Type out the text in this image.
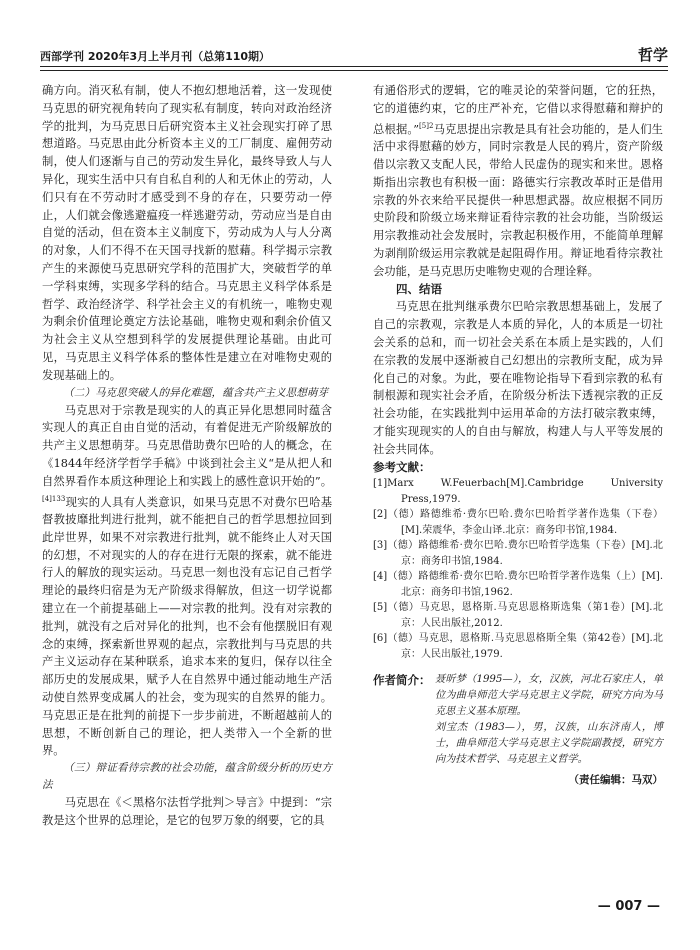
西部学刊 2020年3月上半月刊（总第110期）	哲学

确方向。消灭私有制，使人不抱幻想地活着，这一发现使马克思的研究视角转向了现实私有制度，转向对政治经济学的批判，为马克思日后研究资本主义社会现实打碎了思想道路。马克思由此分析资本主义的工厂制度、雇佣劳动制，使人们逐渐与自己的劳动发生异化，最终导致人与人异化，现实生活中只有自私自利的人和无休止的劳动，人们只有在不劳动时才感受到不身的存在，只要劳动一停止，人们就会像逃避瘟疫一样逃避劳动，劳动应当是自由自觉的活动，但在资本主义制度下，劳动成为人与人分离的对象，人们不得不在天国寻找新的慰藉。科学揭示宗教产生的来源使马克思研究学科的范围扩大，突破哲学的单一学科束缚，实现多学科的结合。马克思主义科学体系是哲学、政治经济学、科学社会主义的有机统一，唯物史观为剩余价值理论奠定方法论基础，唯物史观和剩余价值又为社会主义从空想到科学的发展提供理论基础。由此可见，马克思主义科学体系的整体性是建立在对唯物史观的发现基础上的。

（二）马克思突破人的异化难题，蕴含共产主义思想萌芽

马克思对于宗教是现实的人的真正异化思想同时蕴含实现人的真正自由自觉的活动，有着促进无产阶级解放的共产主义思想萌芽。马克思借助费尔巴哈的人的概念，在《1844年经济学哲学手稿》中谈到社会主义“是从把人和自然界看作本质这种理论上和实践上的感性意识开始的”。$^{[4]133}$现实的人具有人类意识，如果马克思不对费尔巴哈基督教披靡批判进行批判，就不能把自己的哲学思想拉回到此岸世界，如果不对宗教进行批判，就不能终止人对天国的幻想，不对现实的人的存在进行无限的探索，就不能进行人的解放的现实运动。马克思一刻也没有忘记自己哲学理论的最终归宿是为无产阶级求得解放，但这一切学说都建立在一个前提基础上——对宗教的批判。没有对宗教的批判，就没有之后对异化的批判，也不会有他摆脱旧有观念的束缚，探索新世界观的起点，宗教批判与马克思的共产主义运动存在某种联系，追求本来的复归，保存以往全部历史的发展成果，赋予人在自然界中通过能动地生产活动使自然界变成属人的社会，变为现实的自然界的能力。马克思正是在批判的前提下一步步前进，不断超越前人的思想，不断创新自己的理论，把人类带入一个全新的世界。

（三）辩证看待宗教的社会功能，蕴含阶级分析的历史方法

马克思在《＜黑格尔法哲学批判＞导言》中提到：“宗教是这个世界的总理论，是它的包罗万象的纲要，它的具

有通俗形式的逻辑，它的唯灵论的荣誉问题，它的狂热，它的道德约束，它的庄严补充，它借以求得慰藉和辩护的总根据。”$^{[5]2}$马克思提出宗教是具有社会功能的，是人们生活中求得慰藉的妙方，同时宗教是人民的鸦片，资产阶级借以宗教又支配人民，带给人民虚伪的现实和来世。恩格斯指出宗教也有积极一面：路德实行宗教改革时正是借用宗教的外衣来给平民提供一种思想武器。故应根据不同历史阶段和阶级立场来辩证看待宗教的社会功能，当阶级运用宗教推动社会发展时，宗教起积极作用，不能简单理解为剥削阶级运用宗教就是起阻碍作用。辩证地看待宗教社会功能，是马克思历史唯物史观的合理诠释。

四、结语

马克思在批判继承费尔巴哈宗教思想基础上，发展了自己的宗教观，宗教是人本质的异化，人的本质是一切社会关系的总和，而一切社会关系在本质上是实践的，人们在宗教的发展中逐渐被自己幻想出的宗教所支配，成为异化自己的对象。为此，要在唯物论指导下看到宗教的私有制根源和现实社会矛盾，在阶级分析法下透视宗教的正反社会功能，在实践批判中运用革命的方法打破宗教束缚，才能实现现实的人的自由与解放，构建人与人平等发展的社会共同体。

参考文献：

[1]Marx W.Feuerbach[M].Cambridge University Press,1979.

[2]（德）路德维希·费尔巴哈.费尔巴哈哲学著作选集（下卷）[M].荣震华，李金山译.北京：商务印书馆,1984.

[3]（德）路德维希·费尔巴哈.费尔巴哈哲学选集（下卷）[M].北京：商务印书馆,1984.

[4]（德）路德维希·费尔巴哈.费尔巴哈哲学著作选集（上）[M].北京：商务印书馆,1962.

[5]（德）马克思，恩格斯.马克思恩格斯选集（第1卷）[M].北京：人民出版社,2012.

[6]（德）马克思，恩格斯.马克思恩格斯全集（第42卷）[M].北京：人民出版社,1979.

作者简介： 聂昕梦（1995—），女，汉族，河北石家庄人，单位为曲阜师范大学马克思主义学院，研究方向为马克思主义基本原理。

刘宝杰（1983—），男，汉族，山东济南人，博士，曲阜师范大学马克思主义学院副教授，研究方向为技术哲学、马克思主义哲学。

（责任编辑：马双）
— 007 —
